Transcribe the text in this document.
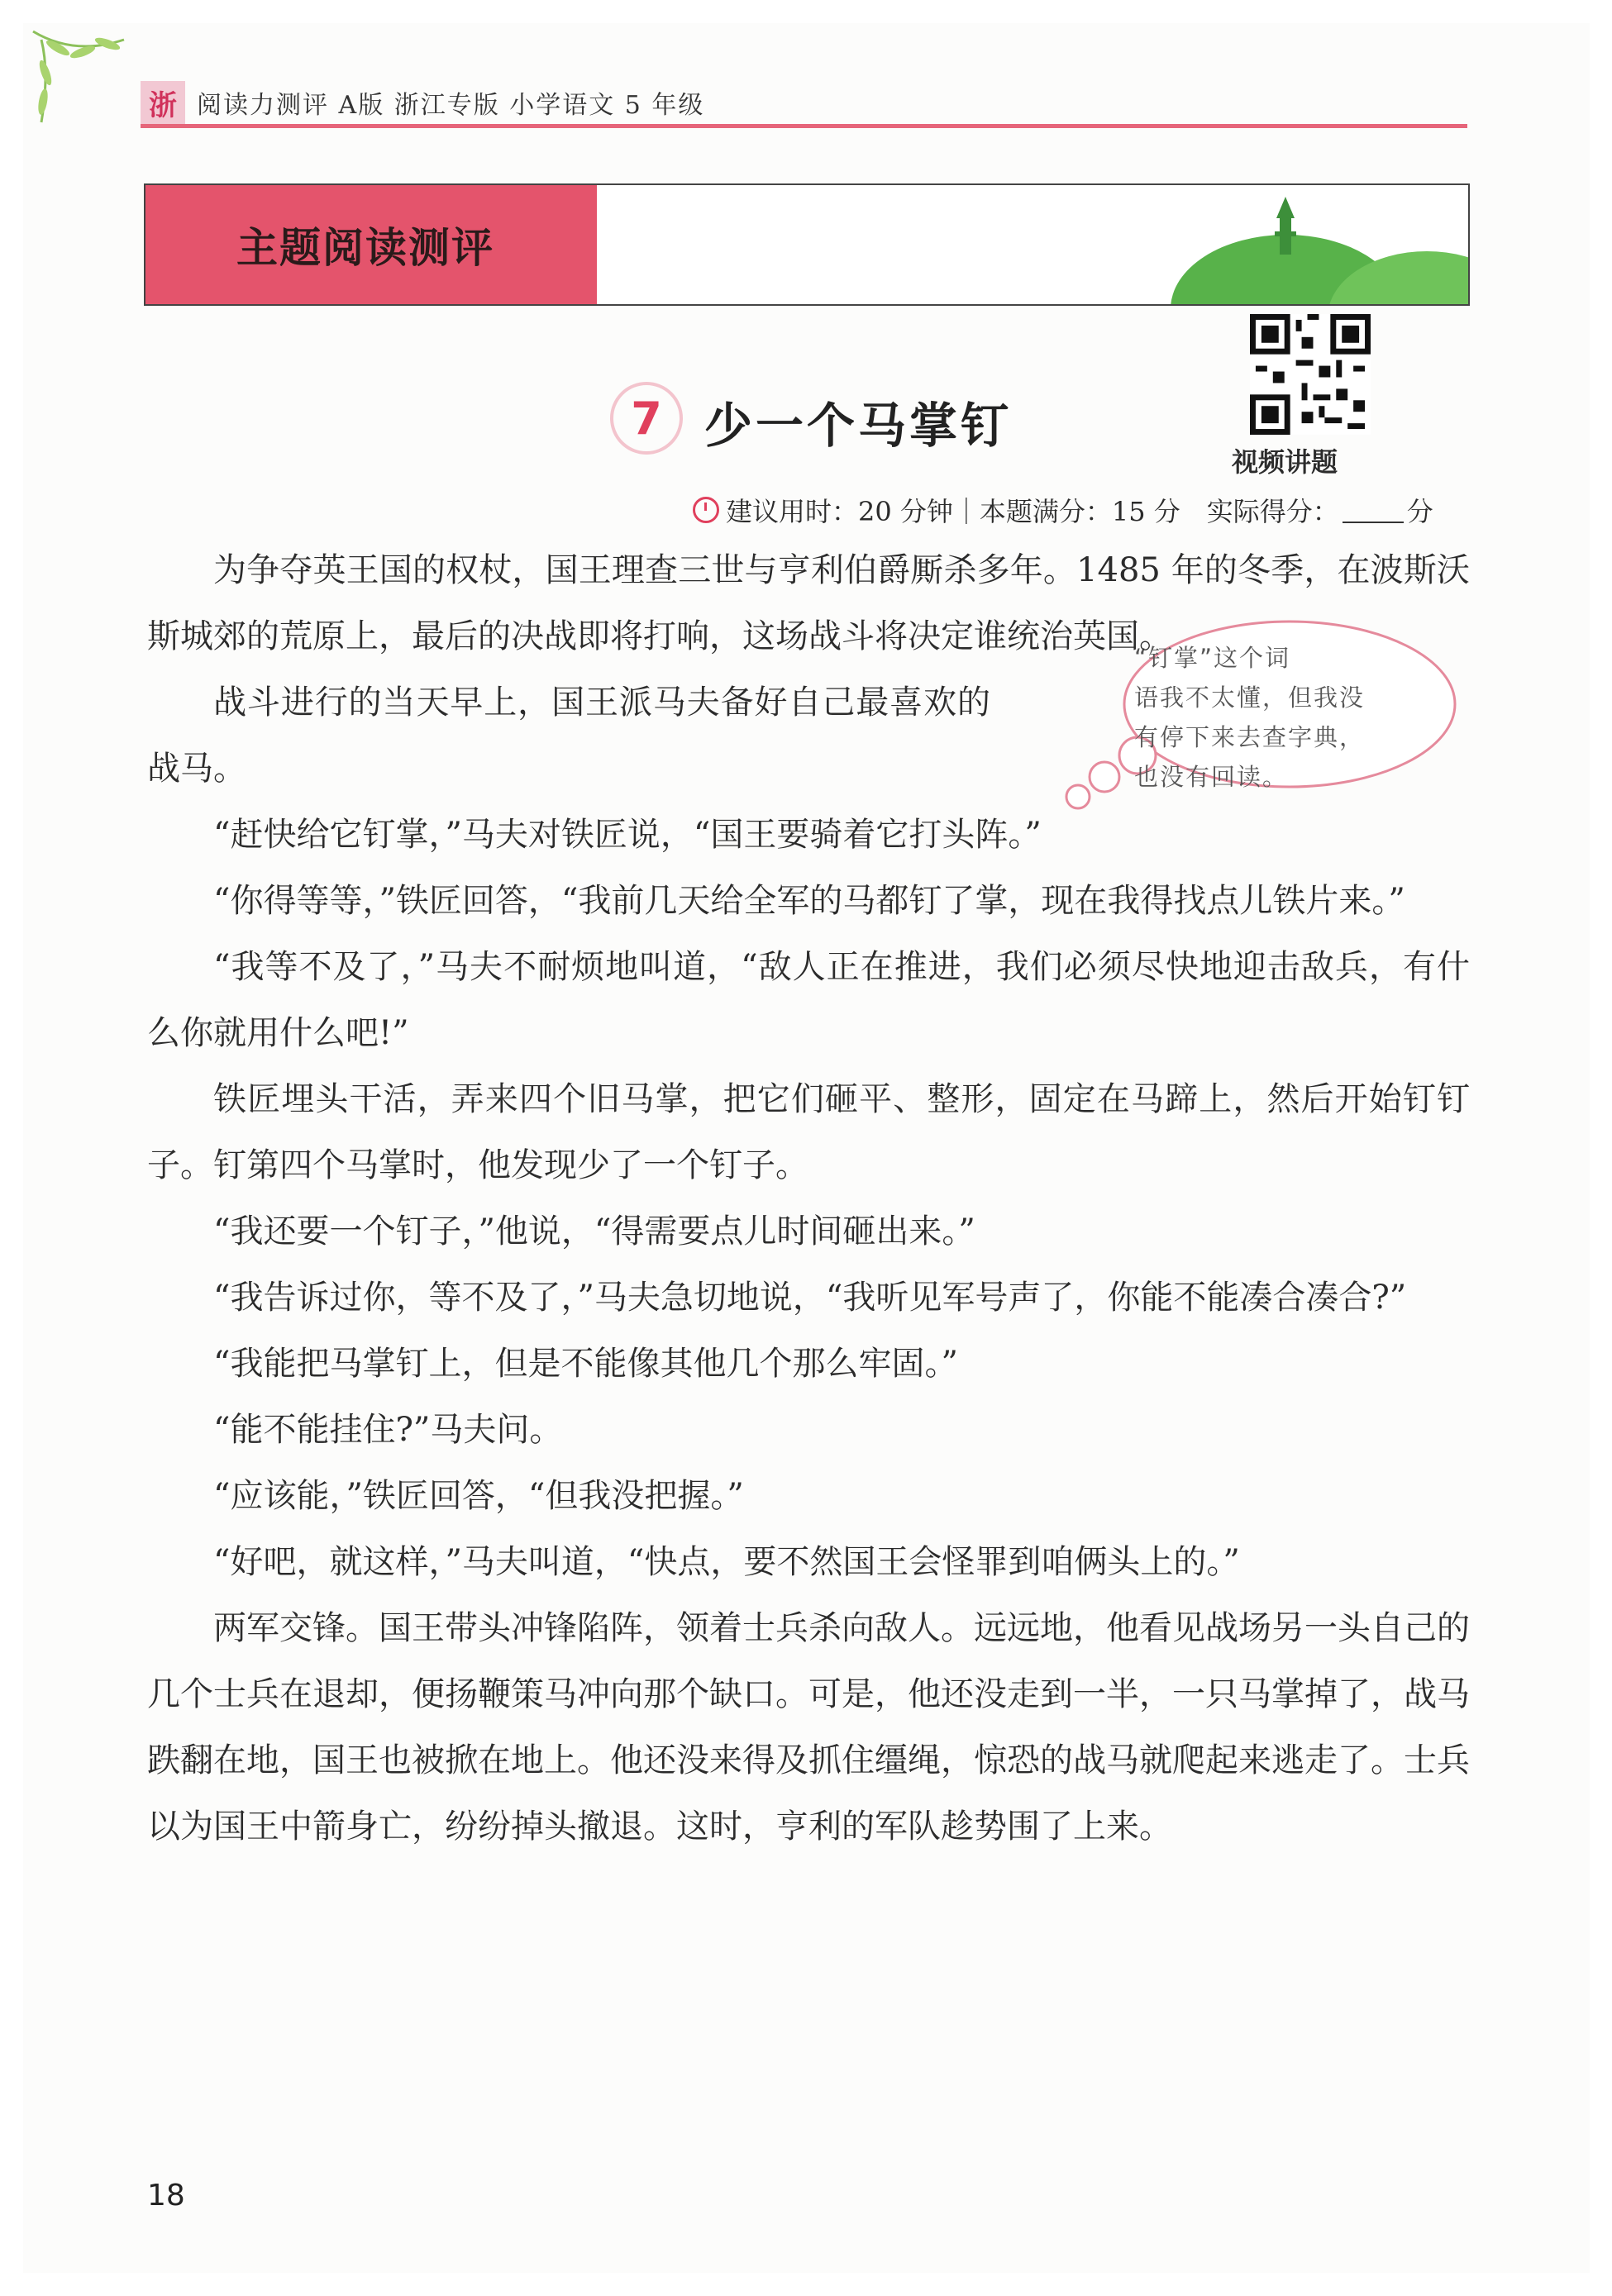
浙 阅读力测评 A版 浙江专版 小学语文 5 年级
主题阅读测评
7 少一个马掌钉
视频讲题
建议用时：20 分钟｜本题满分：15 分　实际得分：	分
“钉掌”这个词
语我不太懂，但我没
有停下来去查字典，
也没有回读。

为争夺英王国的权杖，国王理查三世与亨利伯爵厮杀多年。1485 年的冬季，在波斯沃斯城郊的荒原上，最后的决战即将打响，这场战斗将决定谁统治英国。

战斗进行的当天早上，国王派马夫备好自己最喜欢的战马。

“赶快给它钉掌，”马夫对铁匠说，“国王要骑着它打头阵。”

“你得等等，”铁匠回答，“我前几天给全军的马都钉了掌，现在我得找点儿铁片来。”

“我等不及了，”马夫不耐烦地叫道，“敌人正在推进，我们必须尽快地迎击敌兵，有什么你就用什么吧!”

铁匠埋头干活，弄来四个旧马掌，把它们砸平、整形，固定在马蹄上，然后开始钉钉子。钉第四个马掌时，他发现少了一个钉子。

“我还要一个钉子，”他说，“得需要点儿时间砸出来。”

“我告诉过你，等不及了，”马夫急切地说，“我听见军号声了，你能不能凑合凑合?”

“我能把马掌钉上，但是不能像其他几个那么牢固。”

“能不能挂住?”马夫问。

“应该能，”铁匠回答，“但我没把握。”

“好吧，就这样，”马夫叫道，“快点，要不然国王会怪罪到咱俩头上的。”

两军交锋。国王带头冲锋陷阵，领着士兵杀向敌人。远远地，他看见战场另一头自己的几个士兵在退却，便扬鞭策马冲向那个缺口。可是，他还没走到一半，一只马掌掉了，战马跌翻在地，国王也被掀在地上。他还没来得及抓住缰绳，惊恐的战马就爬起来逃走了。士兵以为国王中箭身亡，纷纷掉头撤退。这时，亨利的军队趁势围了上来。

18
